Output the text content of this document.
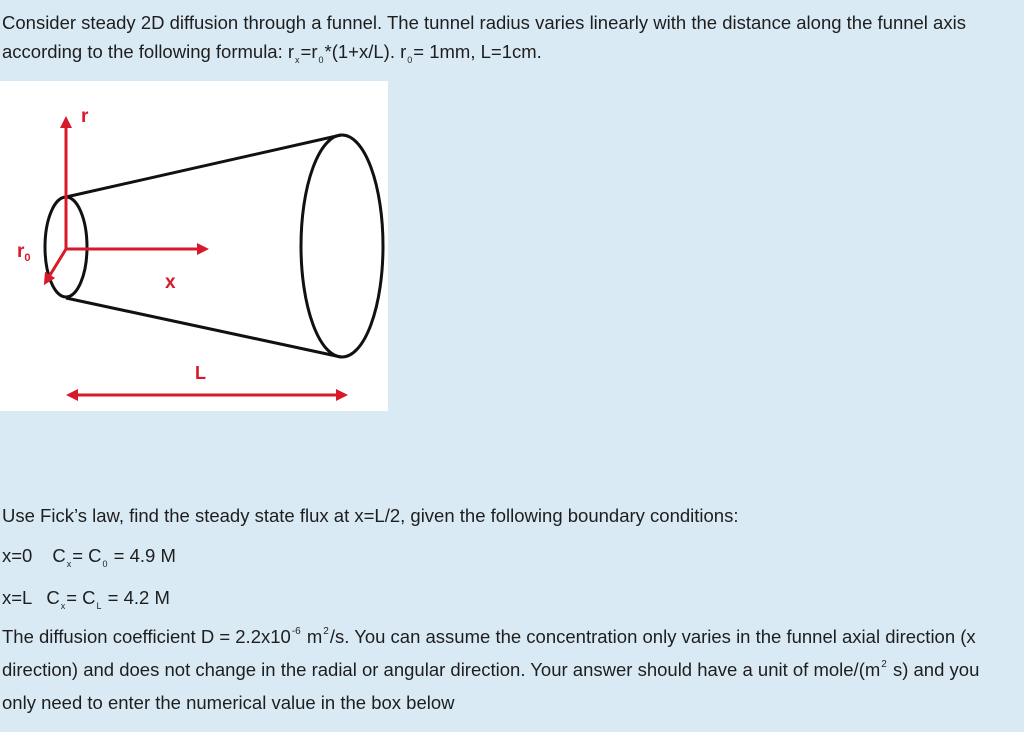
Consider steady 2D diffusion through a funnel. The tunnel radius varies linearly with the distance along the funnel axis according to the following formula: $r_x=r_0*(1+x/L)$. $r_0= 1mm$, L=1cm.

r
$r_0$
x
L

Use Fick’s law, find the steady state flux at x=L/2, given the following boundary conditions:

x=0 $C_x= C_0 = 4.9$ M

x=L $C_x= C_L = 4.2$ M

The diffusion coefficient $D = 2.2x10^{-6}$ $m^2/s$. You can assume the concentration only varies in the funnel axial direction (x direction) and does not change in the radial or angular direction. Your answer should have a unit of mole/($m^2$ s) and you only need to enter the numerical value in the box below
